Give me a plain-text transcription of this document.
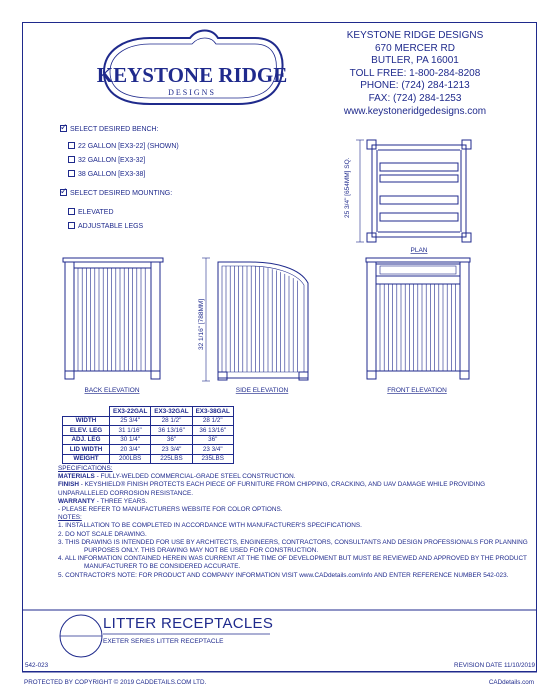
KEYSTONE RIDGE
DESIGNS
25 3/4" [654MM] SQ.
PLAN
BACK ELEVATION
32 1/16" [788MM]
SIDE ELEVATION	FRONT ELEVATION
KEYSTONE RIDGE DESIGNS
670 MERCER RD
BUTLER, PA 16001
TOLL FREE: 1-800-284-8208
PHONE: (724) 284-1213
FAX: (724) 284-1253
www.keystoneridgedesigns.com
✓SELECT DESIRED BENCH:
22 GALLON [EX3-22] (SHOWN)
32 GALLON [EX3-32]
38 GALLON [EX3-38]
✓SELECT DESIRED MOUNTING:
ELEVATED
ADJUSTABLE LEGS
	EX3-22GAL	EX3-32GAL	EX3-38GAL
WIDTH	25 3/4"	28 1/2"	28 1/2"
ELEV. LEG	31 1/16"	36 13/16"	36 13/16"
ADJ. LEG	30 1/4"	36"	36"
LID WIDTH	20 3/4"	23 3/4"	23 3/4"
WEIGHT	200LBS	225LBS	235LBS
SPECIFICATIONS:
MATERIALS - FULLY-WELDED COMMERCIAL-GRADE STEEL CONSTRUCTION.
FINISH - KEYSHIELD® FINISH PROTECTS EACH PIECE OF FURNITURE FROM CHIPPING, CRACKING, AND UAV DAMAGE WHILE PROVIDING UNPARALLELED CORROSION RESISTANCE.
WARRANTY - THREE YEARS.
- PLEASE REFER TO MANUFACTURERS WEBSITE FOR COLOR OPTIONS.
NOTES:
1. INSTALLATION TO BE COMPLETED IN ACCORDANCE WITH MANUFACTURER'S SPECIFICATIONS.
2. DO NOT SCALE DRAWING.
3. THIS DRAWING IS INTENDED FOR USE BY ARCHITECTS, ENGINEERS, CONTRACTORS, CONSULTANTS AND DESIGN PROFESSIONALS FOR PLANNING PURPOSES ONLY. THIS DRAWING MAY NOT BE USED FOR CONSTRUCTION.
4. ALL INFORMATION CONTAINED HEREIN WAS CURRENT AT THE TIME OF DEVELOPMENT BUT MUST BE REVIEWED AND APPROVED BY THE PRODUCT MANUFACTURER TO BE CONSIDERED ACCURATE.
5. CONTRACTOR'S NOTE: FOR PRODUCT AND COMPANY INFORMATION VISIT www.CADdetails.com/info AND ENTER REFERENCE NUMBER 542-023.
LITTER RECEPTACLES
EXETER SERIES LITTER RECEPTACLE
542-023	REVISION DATE 11/10/2019
PROTECTED BY COPYRIGHT © 2019 CADDETAILS.COM LTD.	CADdetails.com
